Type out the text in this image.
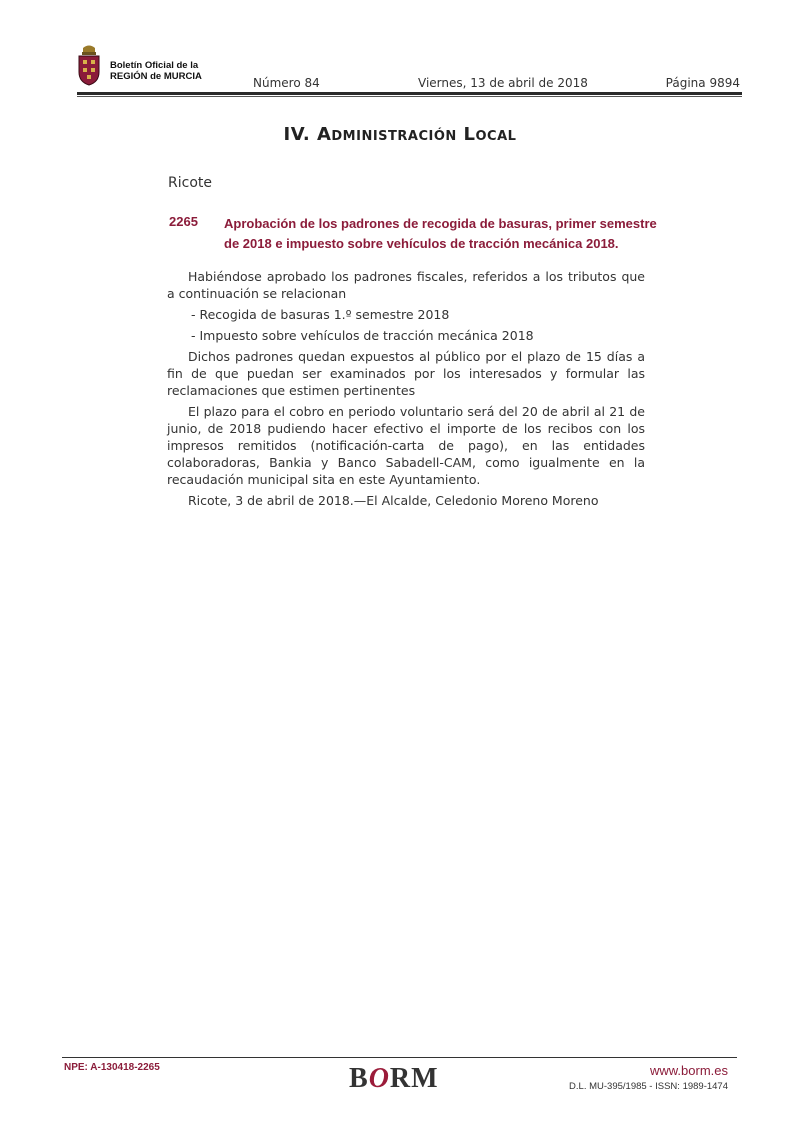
Boletín Oficial de la
REGIÓN de MURCIA	Número 84	Viernes, 13 de abril de 2018	Página 9894
IV. Administración Local
Ricote
2265 Aprobación de los padrones de recogida de basuras, primer semestre de 2018 e impuesto sobre vehículos de tracción mecánica 2018.

Habiéndose aprobado los padrones fiscales, referidos a los tributos que a continuación se relacionan

- Recogida de basuras 1.º semestre 2018

- Impuesto sobre vehículos de tracción mecánica 2018

Dichos padrones quedan expuestos al público por el plazo de 15 días a fin de que puedan ser examinados por los interesados y formular las reclamaciones que estimen pertinentes

El plazo para el cobro en periodo voluntario será del 20 de abril al 21 de junio, de 2018 pudiendo hacer efectivo el importe de los recibos con los impresos remitidos (notificación-carta de pago), en las entidades colaboradoras, Bankia y Banco Sabadell-CAM, como igualmente en la recaudación municipal sita en este Ayuntamiento.

Ricote, 3 de abril de 2018.—El Alcalde, Celedonio Moreno Moreno

NPE: A-130418-2265	BORM	www.borm.es
D.L. MU-395/1985 - ISSN: 1989-1474
